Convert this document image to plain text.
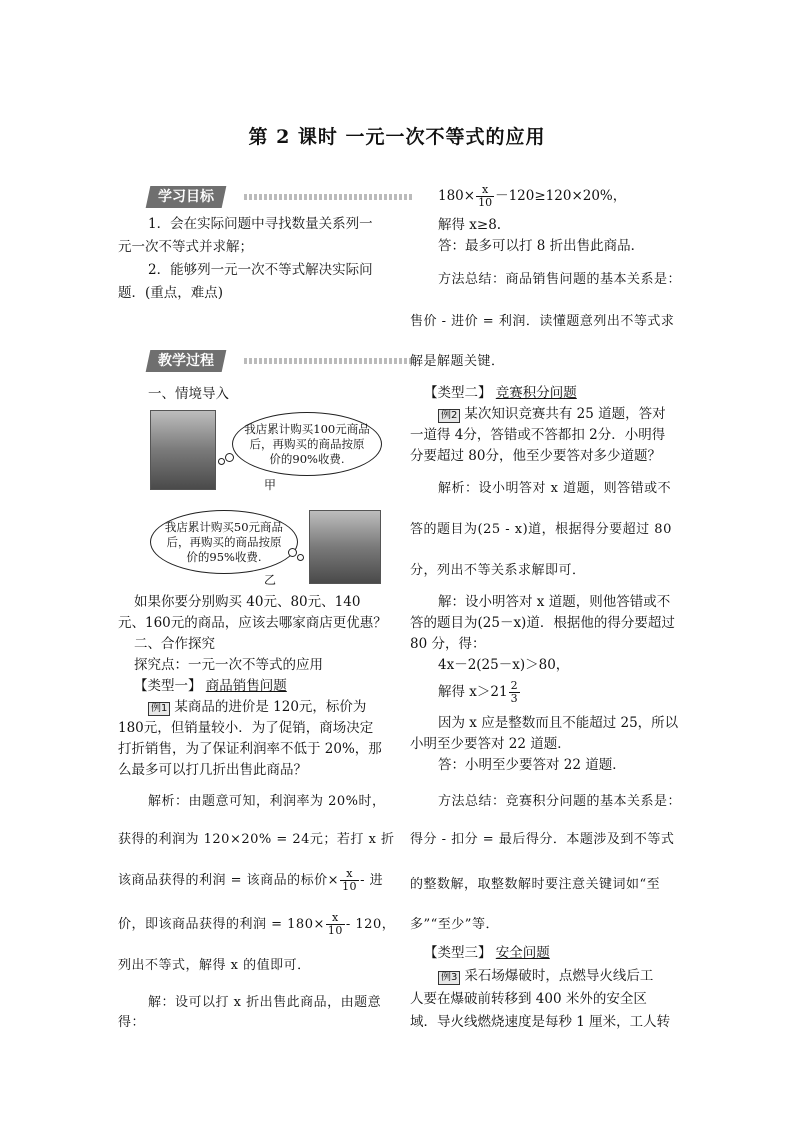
第 2 课时 一元一次不等式的应用
学习目标
1．会在实际问题中寻找数量关系列一
元一次不等式并求解；
2．能够列一元一次不等式解决实际问
题．(重点，难点)
教学过程
一、情境导入
我店累计购买100元商品
后，再购买的商品按原
价的90%收费.
甲
我店累计购买50元商品
后，再购买的商品按原
价的95%收费.
乙
如果你要分别购买 40元、80元、140
元、160元的商品，应该去哪家商店更优惠？
二、合作探究
探究点：一元一次不等式的应用
【类型一】 商品销售问题
例1 某商品的进价是 120元，标价为
180元，但销量较小．为了促销，商场决定
打折销售，为了保证利润率不低于 20%，那
么最多可以打几折出售此商品？
解析：由题意可知，利润率为 20%时，
获得的利润为 120×20% = 24元；若打 x 折
该商品获得的利润 = 该商品的标价× $\frac{x}{10}$ - 进
价，即该商品获得的利润 = $180\times \frac{x}{10} - 120$，
列出不等式，解得 x 的值即可．
解：设可以打 x 折出售此商品，由题意
得：
$180\times \frac{x}{10} -120\ge 120\times 20\%$，
解得 x≥8.
答：最多可以打 8 折出售此商品．
方法总结：商品销售问题的基本关系是：
售价 - 进价 = 利润．读懂题意列出不等式求
解是解题关键．
【类型二】 竞赛积分问题
例2 某次知识竞赛共有 25 道题，答对
一道得 4分，答错或不答都扣 2分．小明得
分要超过 80分，他至少要答对多少道题？
解析：设小明答对 x 道题，则答错或不
答的题目为(25 - x)道，根据得分要超过 80
分，列出不等关系求解即可．
解：设小明答对 x 道题，则他答错或不
答的题目为(25－x)道．根据他的得分要超过
80 分，得：
4x－2(25－x)＞80，
解得 $x>21 \frac{2}{3}$
因为 x 应是整数而且不能超过 25，所以
小明至少要答对 22 道题．
答：小明至少要答对 22 道题．
方法总结：竞赛积分问题的基本关系是：
得分 - 扣分 = 最后得分．本题涉及到不等式
的整数解，取整数解时要注意关键词如“至
多”“至少”等．
【类型三】 安全问题
例3 采石场爆破时，点燃导火线后工
人要在爆破前转移到 400 米外的安全区
域．导火线燃烧速度是每秒 1 厘米，工人转
